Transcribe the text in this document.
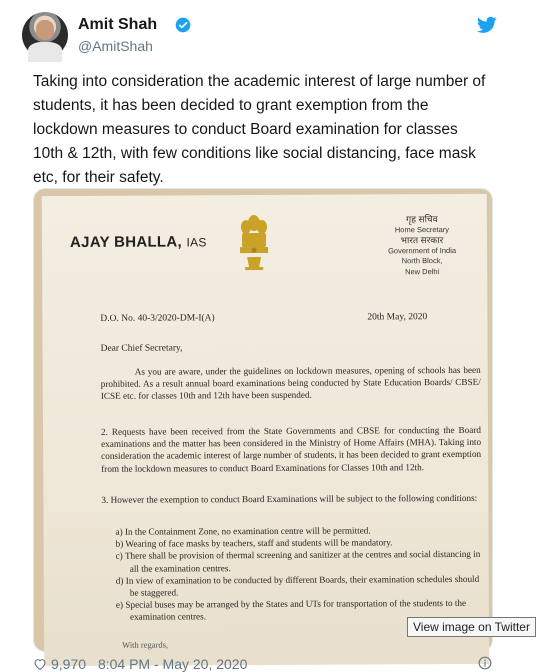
Amit Shah
@AmitShah
Taking into consideration the academic interest of large number of students, it has been decided to grant exemption from the lockdown measures to conduct Board examination for classes 10th & 12th, with few conditions like social distancing, face mask etc, for their safety.
AJAY BHALLA, IAS
गृह सचिव
Home Secretary
भारत सरकार
Government of India
North Block,
New Delhi
D.O. No. 40-3/2020-DM-I(A)	20th May, 2020
Dear Chief Secretary,
As you are aware, under the guidelines on lockdown measures, opening of schools has been prohibited. As a result annual board examinations being conducted by State Education Boards/ CBSE/ ICSE etc. for classes 10th and 12th have been suspended.
2. Requests have been received from the State Governments and CBSE for conducting the Board examinations and the matter has been considered in the Ministry of Home Affairs (MHA). Taking into consideration the academic interest of large number of students, it has been decided to grant exemption from the lockdown measures to conduct Board Examinations for Classes 10th and 12th.
3. However the exemption to conduct Board Examinations will be subject to the following conditions:
a) In the Containment Zone, no examination centre will be permitted.
b) Wearing of face masks by teachers, staff and students will be mandatory.
c) There shall be provision of thermal screening and sanitizer at the centres and social distancing in all the examination centres.
d) In view of examination to be conducted by different Boards, their examination schedules should be staggered.
e) Special buses may be arranged by the States and UTs for transportation of the students to the examination centres.
With regards,
View image on Twitter
9,970 8:04 PM - May 20, 2020
